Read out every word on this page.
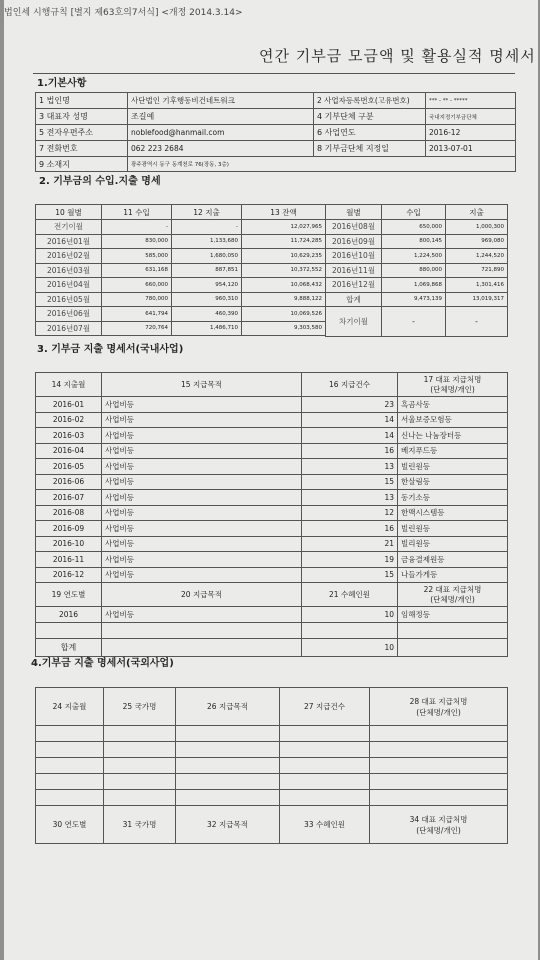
법인세 시행규칙 [별지 제63호의7서식] <개정 2014.3.14>
연간 기부금 모금액 및 활용실적 명세서
1.기본사항
1 법인명	사단법인 기후행동비건네트워크	2 사업자등록번호(고유번호)	*** - ** - *****
3 대표자 성명	조길예	4 기부단체 구분	국내지정기부금단체
5 전자우편주소	noblefood@hanmail.com	6 사업연도	2016-12
7 전화번호	062 223 2684	8 기부금단체 지정일	2013-07-01
9 소재지	광주광역시 동구 동계천로 76(장동, 3층)		
2. 기부금의 수입.지출 명세
10 월별	11 수입	12 지출	13 잔액
전기이월	-	-	12,027,965
2016년01월	830,000	1,133,680	11,724,285
2016년02월	585,000	1,680,050	10,629,235
2016년03월	631,168	887,851	10,372,552
2016년04월	660,000	954,120	10,068,432
2016년05월	780,000	960,310	9,888,122
2016년06월	641,794	460,390	10,069,526
2016년07월	720,764	1,486,710	9,303,580
월별	수입	지출
2016년08월	650,000	1,000,300
2016년09월	800,145	969,080
2016년10월	1,224,500	1,244,520
2016년11월	880,000	721,890
2016년12월	1,069,868	1,301,416
합계	9,473,139	13,019,317
차기이월	-	-
3. 기부금 지출 명세서(국내사업)
14 지출월	15 지급목적	16 지급건수	17 대표 지급처명
(단체명/개인)
2016-01	사업비등	23	흑곰사동
2016-02	사업비등	14	서울보증모험등
2016-03	사업비등	14	신나는 나눔장터등
2016-04	사업비등	16	베지푸드등
2016-05	사업비등	13	빌린원등
2016-06	사업비등	15	한살림등
2016-07	사업비등	13	동기소등
2016-08	사업비등	12	한맥시스템등
2016-09	사업비등	16	빌린원등
2016-10	사업비등	21	빌리원등
2016-11	사업비등	19	금융결제원등
2016-12	사업비등	15	나들가게등
19 연도별	20 지급목적	21 수혜인원	22 대표 지급처명
(단체명/개인)
2016	사업비등	10	임해정등

합계		10	
4.기부금 지출 명세서(국외사업)
24 지출월	25 국가명	26 지급목적	27 지급건수	28 대표 지급처명
(단체명/개인)

30 연도별	31 국가명	32 지급목적	33 수혜인원	34 대표 지급처명
(단체명/개인)
